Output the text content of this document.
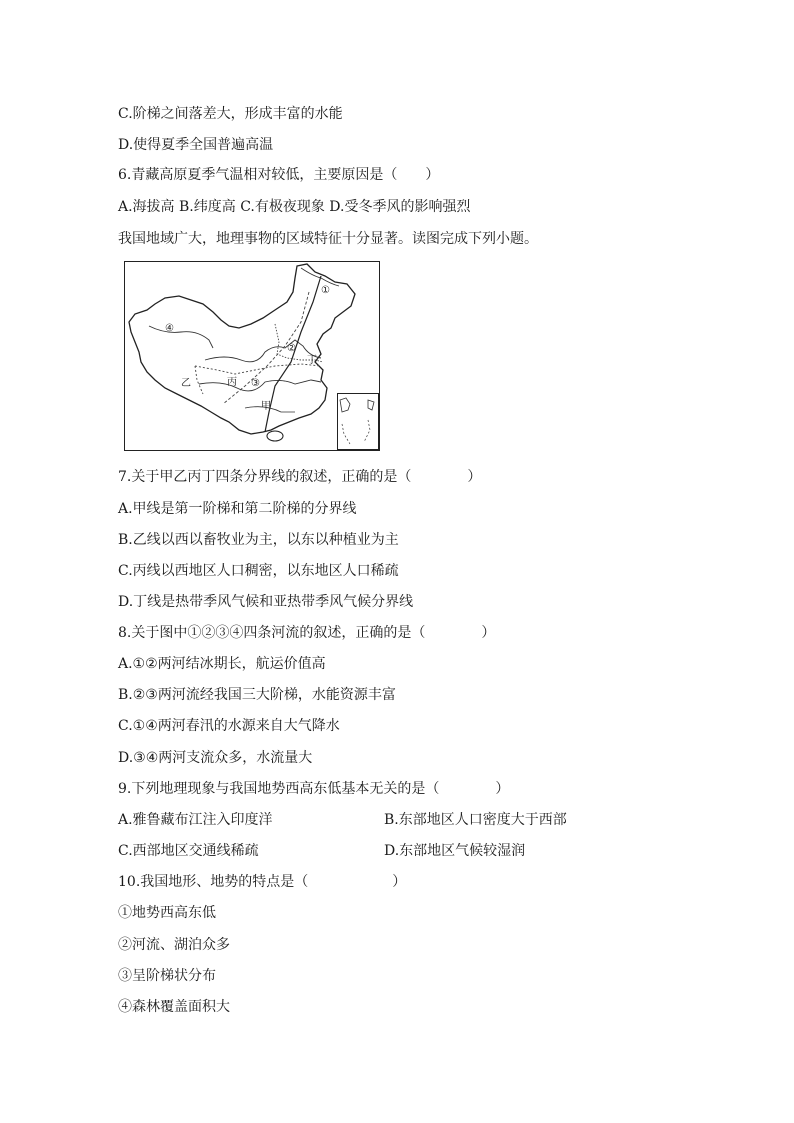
C.阶梯之间落差大，形成丰富的水能
D.使得夏季全国普遍高温
6.青藏高原夏季气温相对较低，主要原因是（　　）
A.海拔高 B.纬度高 C.有极夜现象 D.受冬季风的影响强烈
我国地域广大，地理事物的区域特征十分显著。读图完成下列小题。
①
②
③
④
甲
乙	丙
丁
7.关于甲乙丙丁四条分界线的叙述，正确的是（　　　　）
A.甲线是第一阶梯和第二阶梯的分界线
B.乙线以西以畜牧业为主，以东以种植业为主
C.丙线以西地区人口稠密，以东地区人口稀疏
D.丁线是热带季风气候和亚热带季风气候分界线
8.关于图中①②③④四条河流的叙述，正确的是（　　　　）
A.①②两河结冰期长，航运价值高
B.②③两河流经我国三大阶梯，水能资源丰富
C.①④两河春汛的水源来自大气降水
D.③④两河支流众多，水流量大
9.下列地理现象与我国地势西高东低基本无关的是（　　　　）
A.雅鲁藏布江注入印度洋	B.东部地区人口密度大于西部
C.西部地区交通线稀疏	D.东部地区气候较湿润
10.我国地形、地势的特点是（　　　　　　）
①地势西高东低
②河流、湖泊众多
③呈阶梯状分布
④森林覆盖面积大
